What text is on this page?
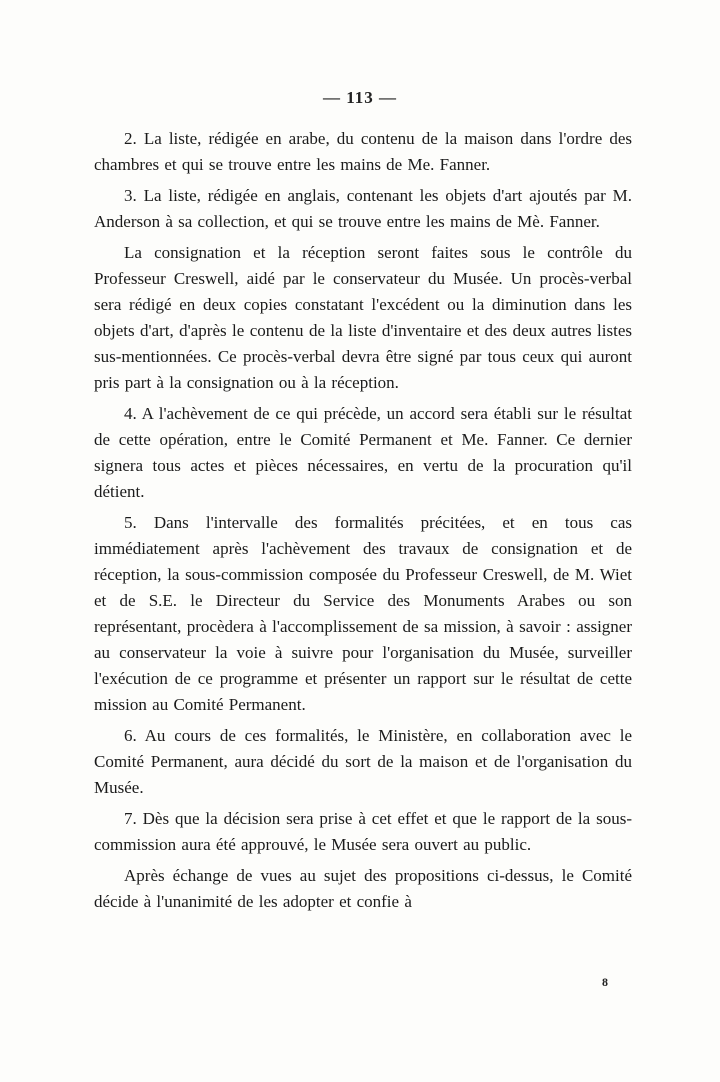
— 113 —

2. La liste, rédigée en arabe, du contenu de la maison dans l'ordre des chambres et qui se trouve entre les mains de Me. Fanner.

3. La liste, rédigée en anglais, contenant les objets d'art ajoutés par M. Anderson à sa collection, et qui se trouve entre les mains de Mè. Fanner.

La consignation et la réception seront faites sous le contrôle du Professeur Creswell, aidé par le conservateur du Musée. Un procès-verbal sera rédigé en deux copies constatant l'excédent ou la diminution dans les objets d'art, d'après le contenu de la liste d'inventaire et des deux autres listes sus-mentionnées. Ce procès-verbal devra être signé par tous ceux qui auront pris part à la consignation ou à la réception.

4. A l'achèvement de ce qui précède, un accord sera établi sur le résultat de cette opération, entre le Comité Permanent et Me. Fanner. Ce dernier signera tous actes et pièces nécessaires, en vertu de la procuration qu'il détient.

5. Dans l'intervalle des formalités précitées, et en tous cas immédiatement après l'achèvement des travaux de consignation et de réception, la sous-commission composée du Professeur Creswell, de M. Wiet et de S.E. le Directeur du Service des Monuments Arabes ou son représentant, procèdera à l'accomplissement de sa mission, à savoir : assigner au conservateur la voie à suivre pour l'organisation du Musée, surveiller l'exécution de ce programme et présenter un rapport sur le résultat de cette mission au Comité Permanent.

6. Au cours de ces formalités, le Ministère, en collaboration avec le Comité Permanent, aura décidé du sort de la maison et de l'organisation du Musée.

7. Dès que la décision sera prise à cet effet et que le rapport de la sous-commission aura été approuvé, le Musée sera ouvert au public.

Après échange de vues au sujet des propositions ci-dessus, le Comité décide à l'unanimité de les adopter et confie à

8
